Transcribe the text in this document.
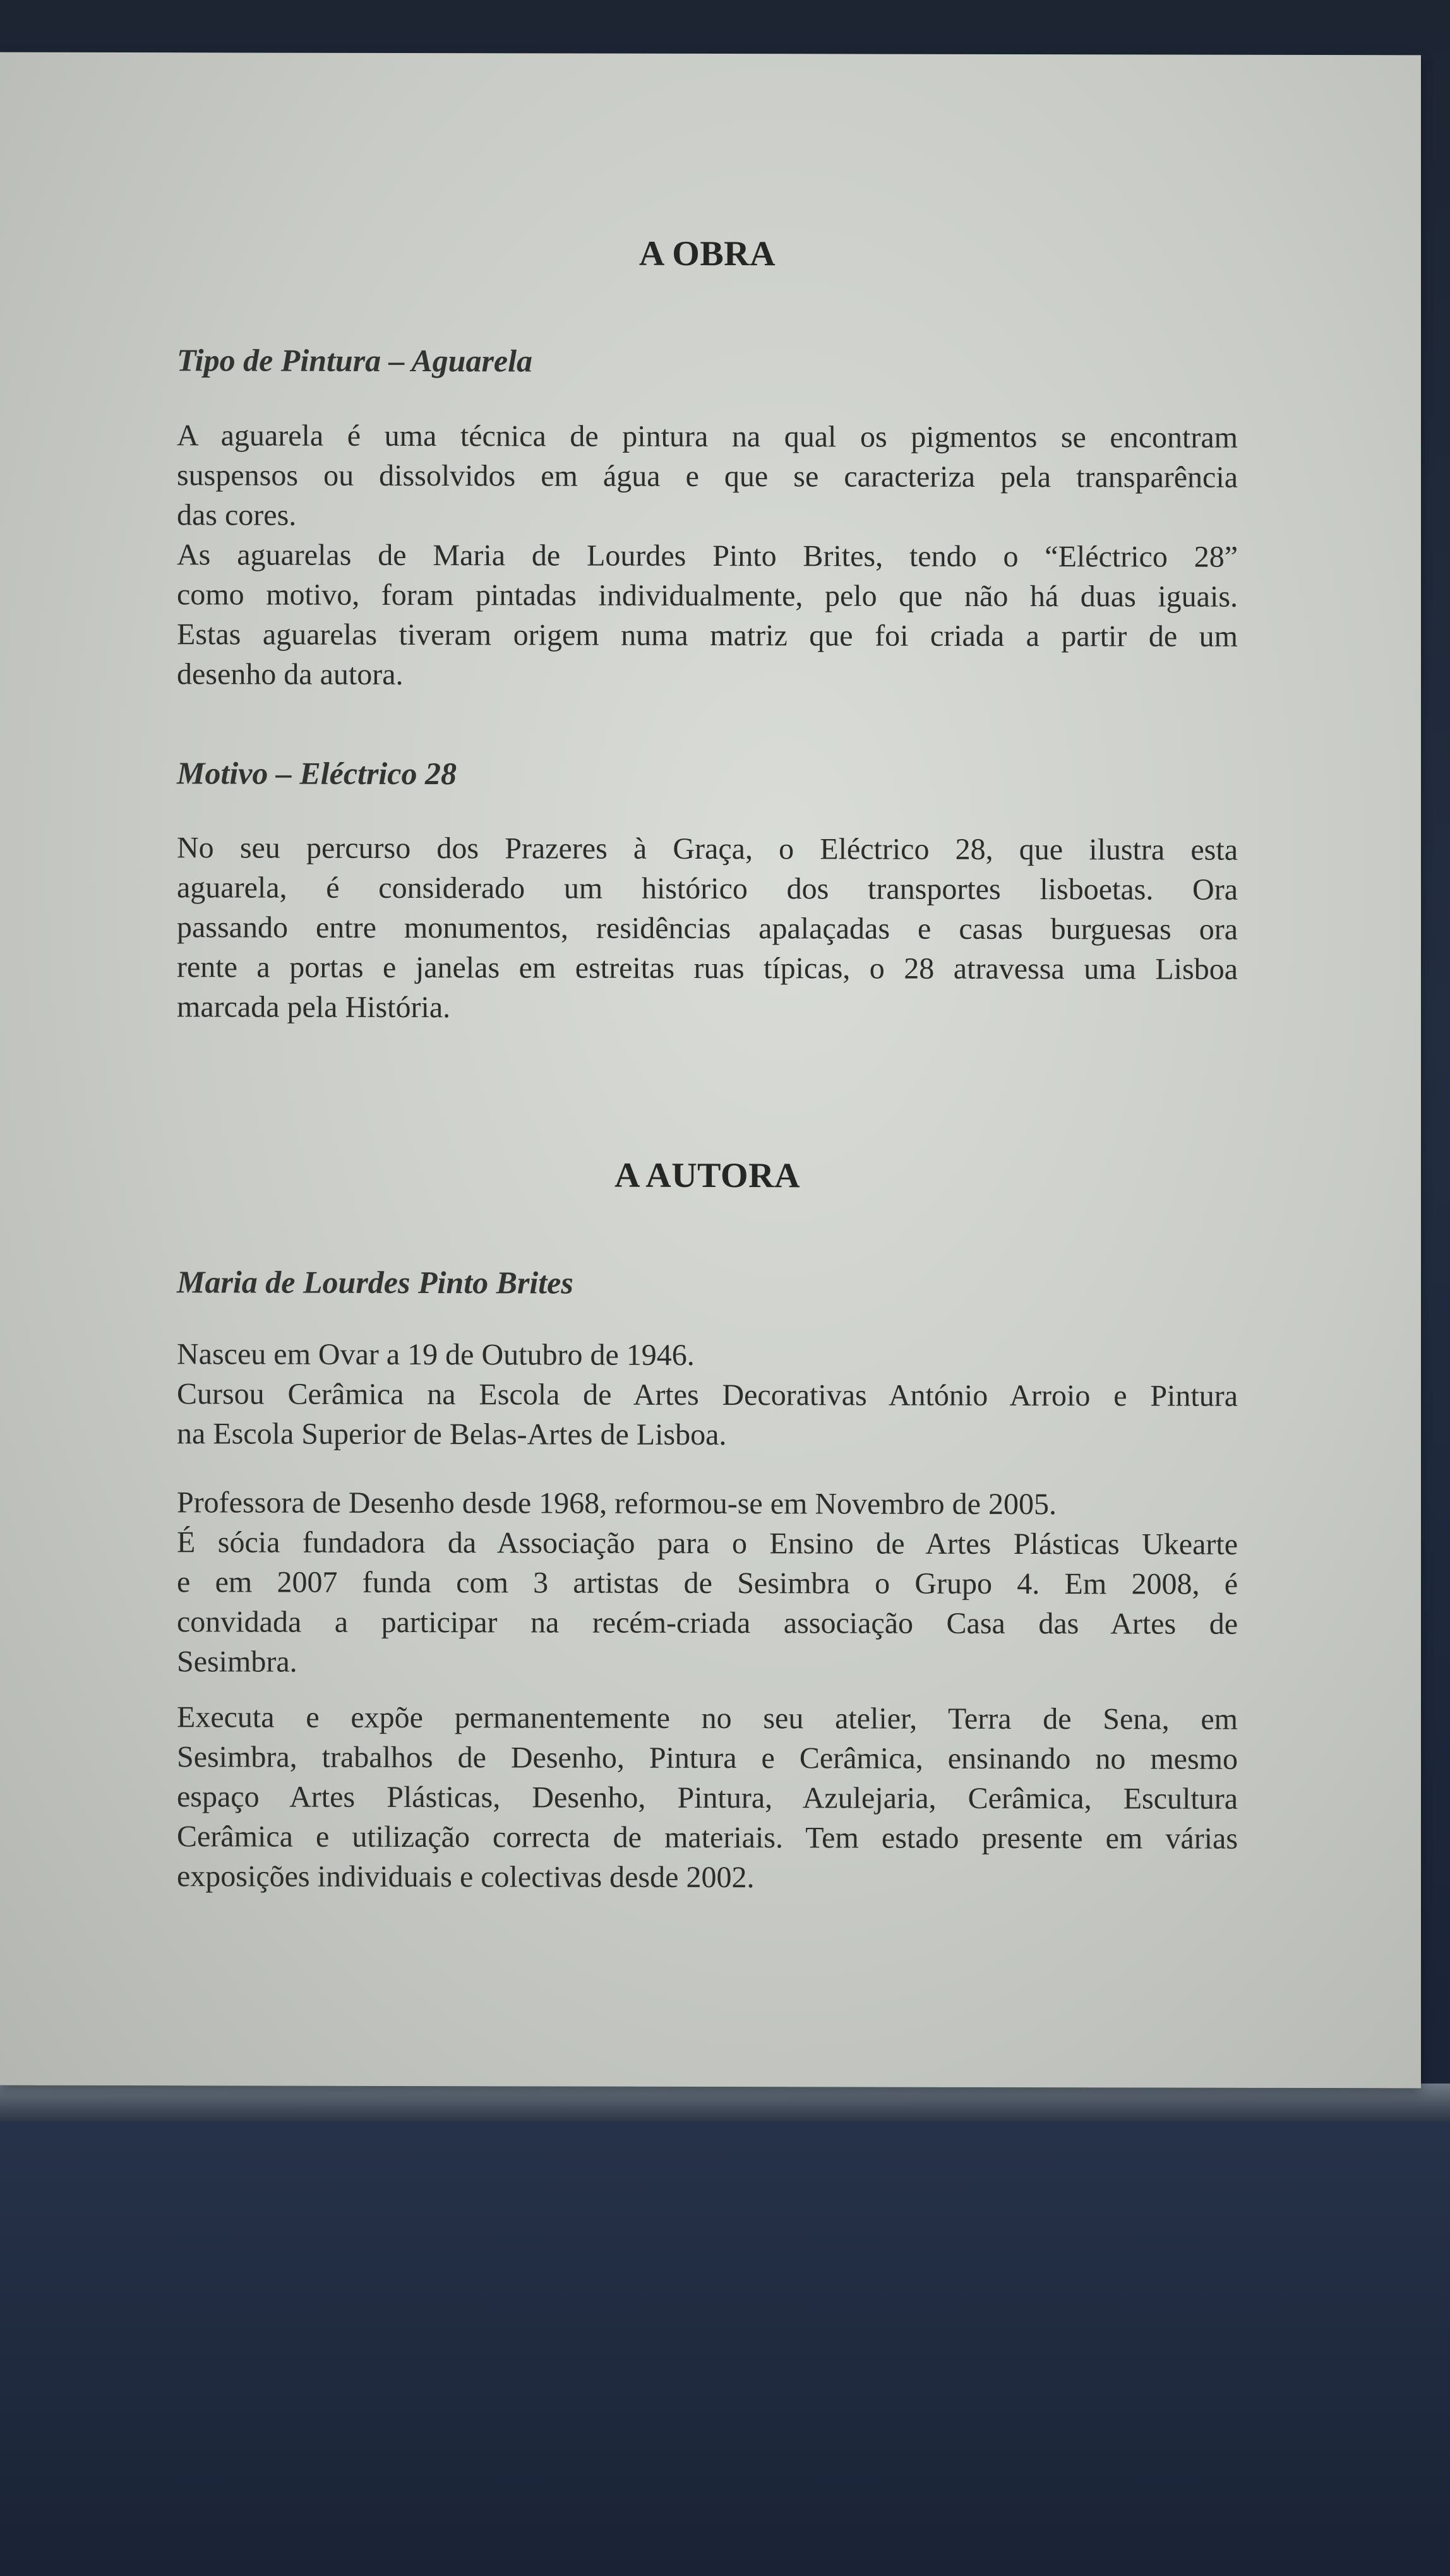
A OBRA
Tipo de Pintura – Aguarela
A aguarela é uma técnica de pintura na qual os pigmentos se encontram
suspensos ou dissolvidos em água e que se caracteriza pela transparência
das cores.
As aguarelas de Maria de Lourdes Pinto Brites, tendo o “Eléctrico 28”
como motivo, foram pintadas individualmente, pelo que não há duas iguais.
Estas aguarelas tiveram origem numa matriz que foi criada a partir de um
desenho da autora.
Motivo – Eléctrico 28
No seu percurso dos Prazeres à Graça, o Eléctrico 28, que ilustra esta
aguarela, é considerado um histórico dos transportes lisboetas. Ora
passando entre monumentos, residências apalaçadas e casas burguesas ora
rente a portas e janelas em estreitas ruas típicas, o 28 atravessa uma Lisboa
marcada pela História.
A AUTORA
Maria de Lourdes Pinto Brites
Nasceu em Ovar a 19 de Outubro de 1946.
Cursou Cerâmica na Escola de Artes Decorativas António Arroio e Pintura
na Escola Superior de Belas-Artes de Lisboa.
Professora de Desenho desde 1968, reformou-se em Novembro de 2005.
É sócia fundadora da Associação para o Ensino de Artes Plásticas Ukearte
e em 2007 funda com 3 artistas de Sesimbra o Grupo 4. Em 2008, é
convidada a participar na recém-criada associação Casa das Artes de
Sesimbra.
Executa e expõe permanentemente no seu atelier, Terra de Sena, em
Sesimbra, trabalhos de Desenho, Pintura e Cerâmica, ensinando no mesmo
espaço Artes Plásticas, Desenho, Pintura, Azulejaria, Cerâmica, Escultura
Cerâmica e utilização correcta de materiais. Tem estado presente em várias
exposições individuais e colectivas desde 2002.
